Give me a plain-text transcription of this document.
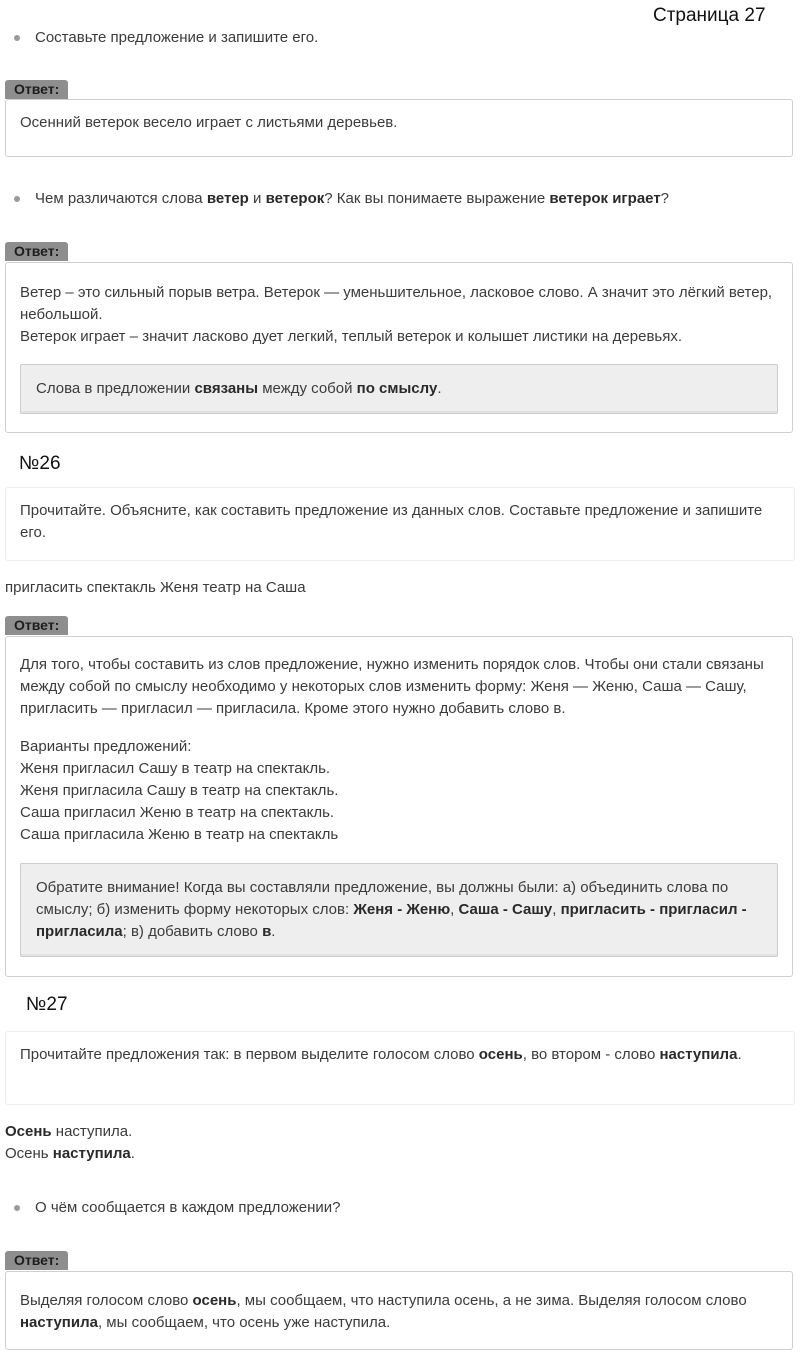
Страница 27
Составьте предложение и запишите его.
Ответ:

Осенний ветерок весело играет с листьями деревьев.

Чем различаются слова ветер и ветерок? Как вы понимаете выражение ветерок играет?
Ответ:

Ветер – это сильный порыв ветра. Ветерок — уменьшительное, ласковое слово. А значит это лёгкий ветер, небольшой.

Ветерок играет – значит ласково дует легкий, теплый ветерок и колышет листики на деревьях.

Слова в предложении связаны между собой по смыслу.
№26

Прочитайте. Объясните, как составить предложение из данных слов. Составьте предложение и запишите его.

пригласить спектакль Женя театр на Саша
Ответ:

Для того, чтобы составить из слов предложение, нужно изменить порядок слов. Чтобы они стали связаны между собой по смыслу необходимо у некоторых слов изменить форму: Женя — Женю, Саша — Сашу, пригласить — пригласил — пригласила. Кроме этого нужно добавить слово в.

Варианты предложений:

Женя пригласил Сашу в театр на спектакль.

Женя пригласила Сашу в театр на спектакль.

Саша пригласил Женю в театр на спектакль.

Саша пригласила Женю в театр на спектакль

Обратите внимание! Когда вы составляли предложение, вы должны были: а) объединить слова по смыслу; б) изменить форму некоторых слов: Женя - Женю, Саша - Сашу, пригласить - пригласил - пригласила; в) добавить слово в.
№27

Прочитайте предложения так: в первом выделите голосом слово осень, во втором - слово наступила.

Осень наступила.
Осень наступила.
О чём сообщается в каждом предложении?
Ответ:

Выделяя голосом слово осень, мы сообщаем, что наступила осень, а не зима. Выделяя голосом слово наступила, мы сообщаем, что осень уже наступила.
